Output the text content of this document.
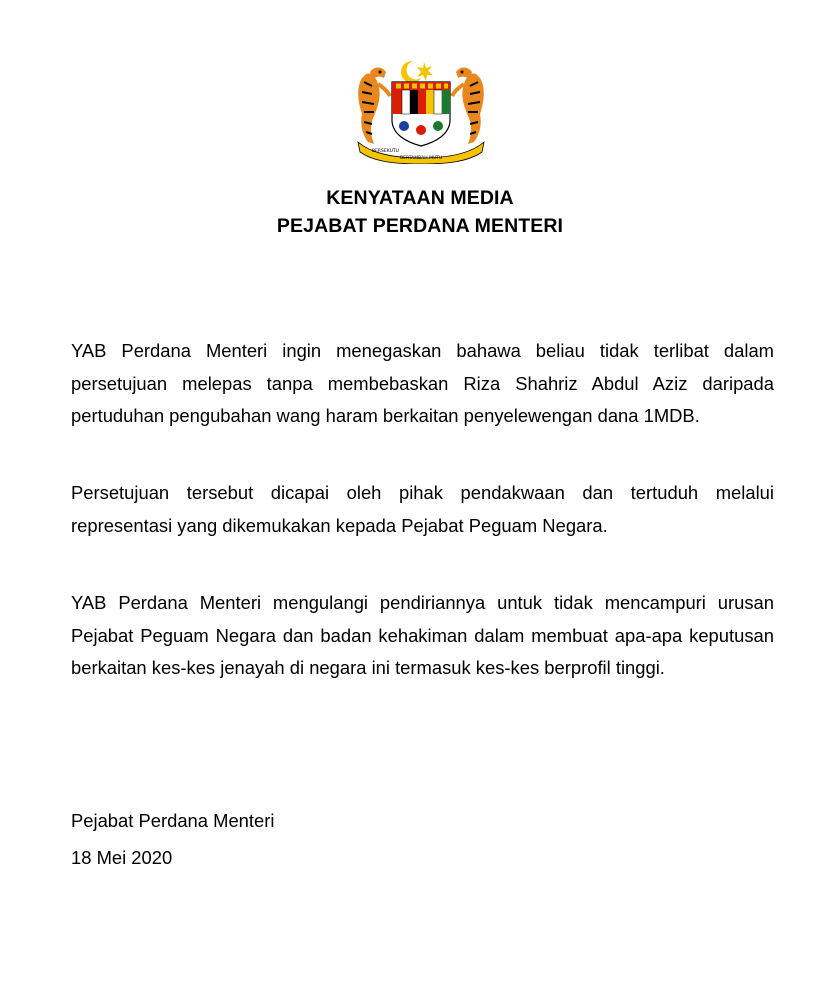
BERSEKUTU
BERTAMBAH MUTU
KENYATAAN MEDIA
PEJABAT PERDANA MENTERI

YAB Perdana Menteri ingin menegaskan bahawa beliau tidak terlibat dalam persetujuan melepas tanpa membebaskan Riza Shahriz Abdul Aziz daripada pertuduhan pengubahan wang haram berkaitan penyelewengan dana 1MDB.

Persetujuan tersebut dicapai oleh pihak pendakwaan dan tertuduh melalui representasi yang dikemukakan kepada Pejabat Peguam Negara.

YAB Perdana Menteri mengulangi pendiriannya untuk tidak mencampuri urusan Pejabat Peguam Negara dan badan kehakiman dalam membuat apa-apa keputusan berkaitan kes-kes jenayah di negara ini termasuk kes-kes berprofil tinggi.

Pejabat Perdana Menteri
18 Mei 2020
